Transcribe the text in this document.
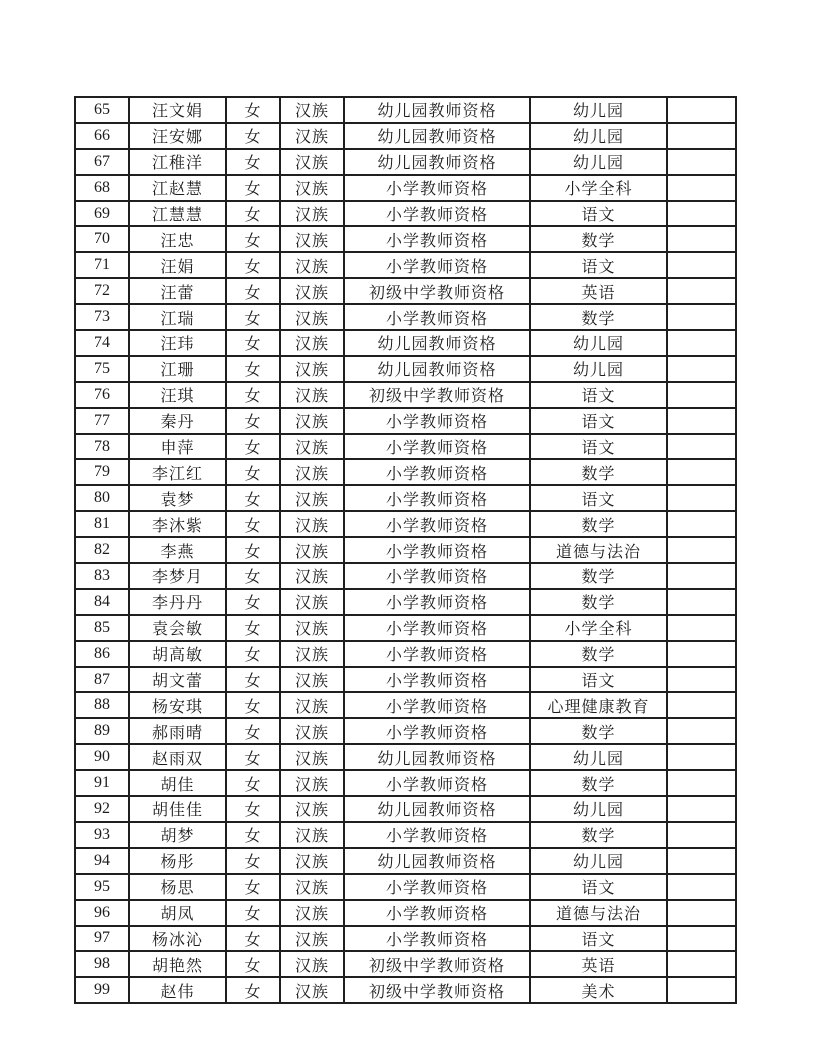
65	汪文娟	女	汉族	幼儿园教师资格	幼儿园	
66	汪安娜	女	汉族	幼儿园教师资格	幼儿园	
67	江稚洋	女	汉族	幼儿园教师资格	幼儿园	
68	江赵慧	女	汉族	小学教师资格	小学全科	
69	江慧慧	女	汉族	小学教师资格	语文	
70	汪忠	女	汉族	小学教师资格	数学	
71	汪娟	女	汉族	小学教师资格	语文	
72	汪蕾	女	汉族	初级中学教师资格	英语	
73	江瑞	女	汉族	小学教师资格	数学	
74	汪玮	女	汉族	幼儿园教师资格	幼儿园	
75	江珊	女	汉族	幼儿园教师资格	幼儿园	
76	汪琪	女	汉族	初级中学教师资格	语文	
77	秦丹	女	汉族	小学教师资格	语文	
78	申萍	女	汉族	小学教师资格	语文	
79	李江红	女	汉族	小学教师资格	数学	
80	袁梦	女	汉族	小学教师资格	语文	
81	李沐紫	女	汉族	小学教师资格	数学	
82	李燕	女	汉族	小学教师资格	道德与法治	
83	李梦月	女	汉族	小学教师资格	数学	
84	李丹丹	女	汉族	小学教师资格	数学	
85	袁会敏	女	汉族	小学教师资格	小学全科	
86	胡高敏	女	汉族	小学教师资格	数学	
87	胡文蕾	女	汉族	小学教师资格	语文	
88	杨安琪	女	汉族	小学教师资格	心理健康教育	
89	郝雨晴	女	汉族	小学教师资格	数学	
90	赵雨双	女	汉族	幼儿园教师资格	幼儿园	
91	胡佳	女	汉族	小学教师资格	数学	
92	胡佳佳	女	汉族	幼儿园教师资格	幼儿园	
93	胡梦	女	汉族	小学教师资格	数学	
94	杨彤	女	汉族	幼儿园教师资格	幼儿园	
95	杨思	女	汉族	小学教师资格	语文	
96	胡凤	女	汉族	小学教师资格	道德与法治	
97	杨冰沁	女	汉族	小学教师资格	语文	
98	胡艳然	女	汉族	初级中学教师资格	英语	
99	赵伟	女	汉族	初级中学教师资格	美术	
